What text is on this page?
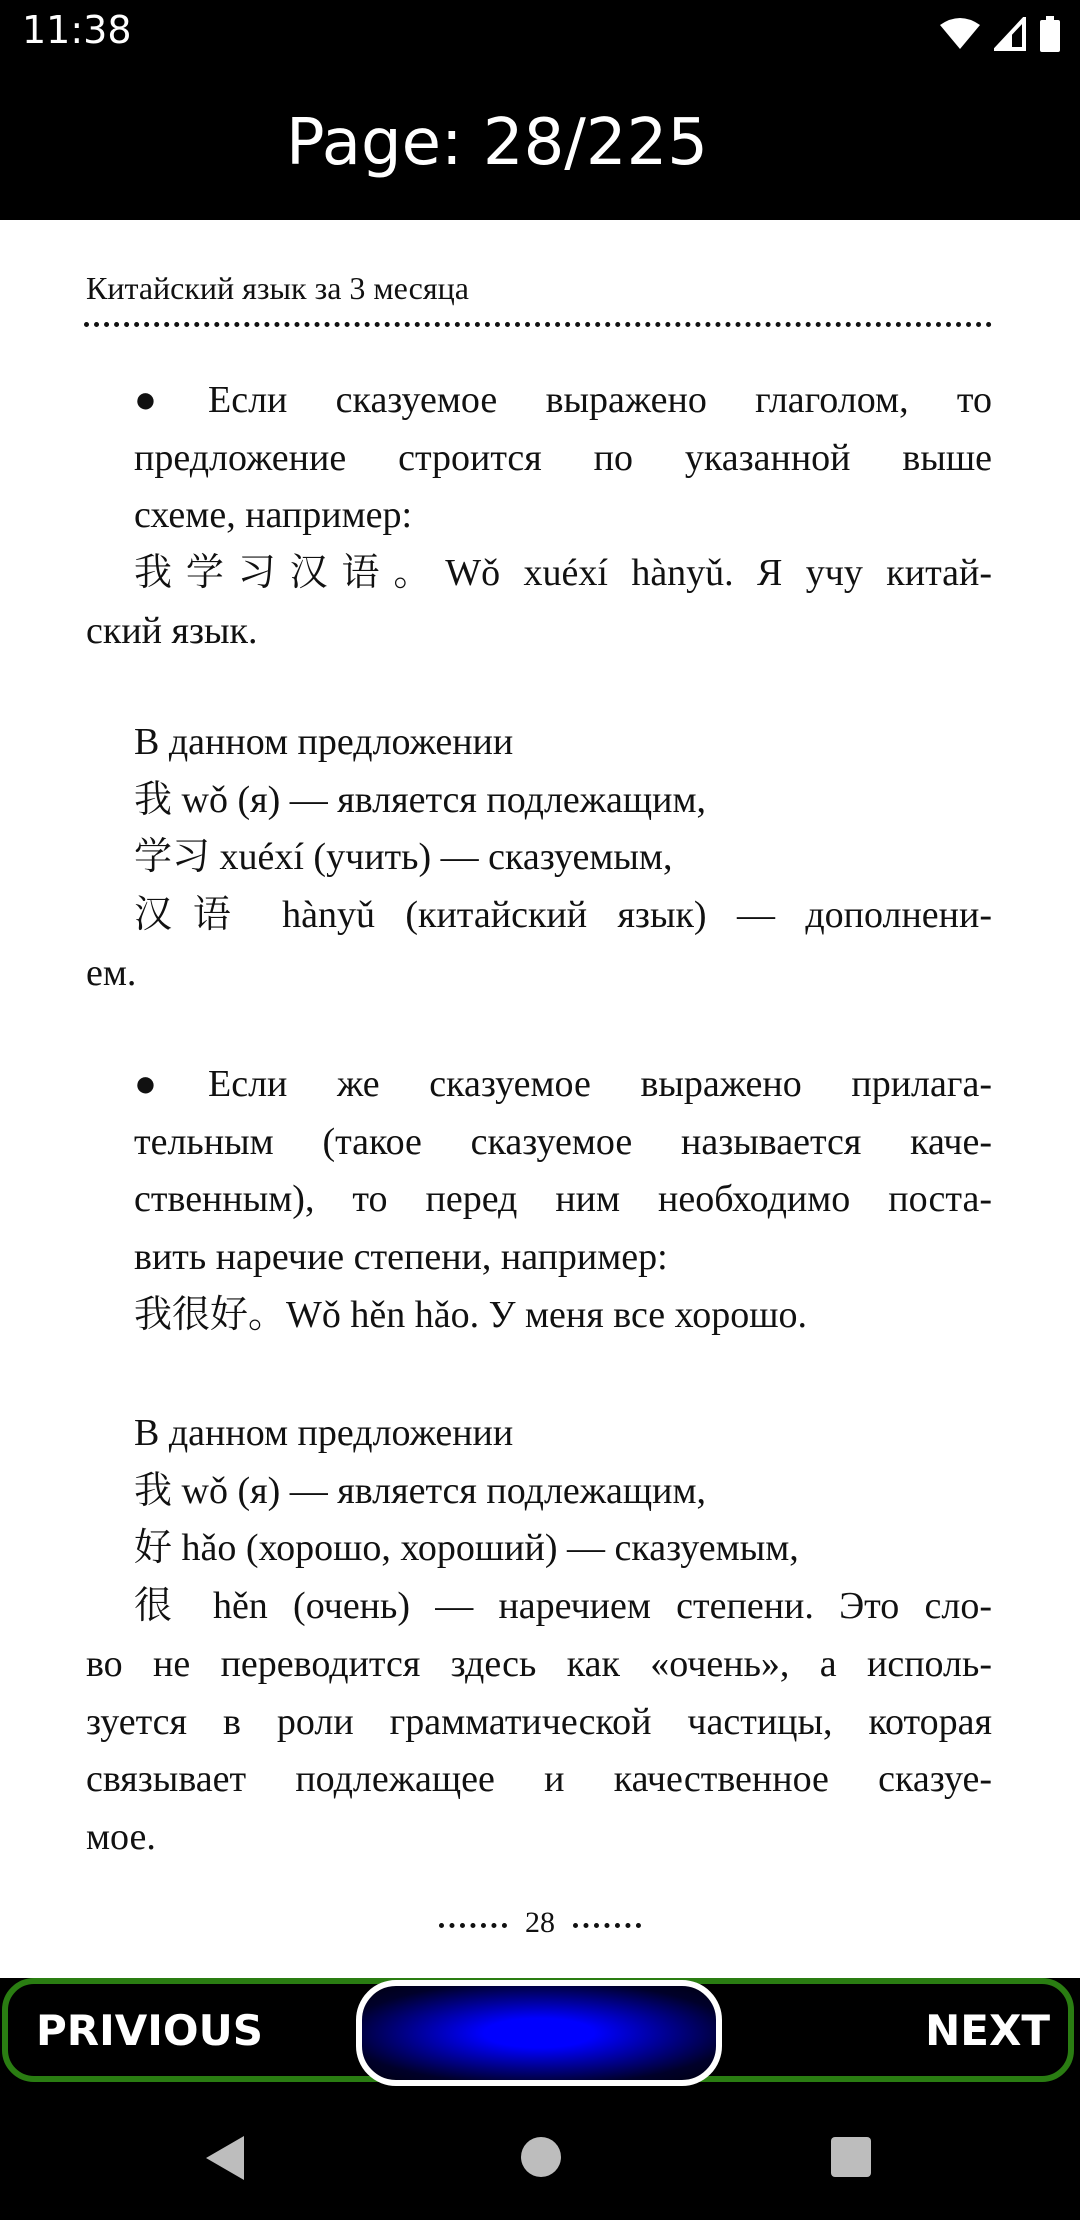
11:38
Page: 28/225
Китайский язык за 3 месяца
● Если сказуемое выражено глаголом, то
предложение строится по указанной выше
схеме, например:
我学习汉语。Wǒ xuéxí hànyǔ. Я учу китай-
ский язык.
В данном предложении
我 wǒ (я) — является подлежащим,
学习 xuéxí (учить) — сказуемым,
汉语 hànyǔ (китайский язык) — дополнени-
ем.
● Если же сказуемое выражено прилага-
тельным (такое сказуемое называется каче-
ственным), то перед ним необходимо поста-
вить наречие степени, например:
我很好。Wǒ hěn hǎo. У меня все хорошо.
В данном предложении
我 wǒ (я) — является подлежащим,
好 hǎo (хорошо, хороший) — сказуемым,
很 hěn (очень) — наречием степени. Это сло-
во не переводится здесь как «очень», а исполь-
зуется в роли грамматической частицы, которая
связывает подлежащее и качественное сказуе-
мое.
28
PRIVIOUS	NEXT
